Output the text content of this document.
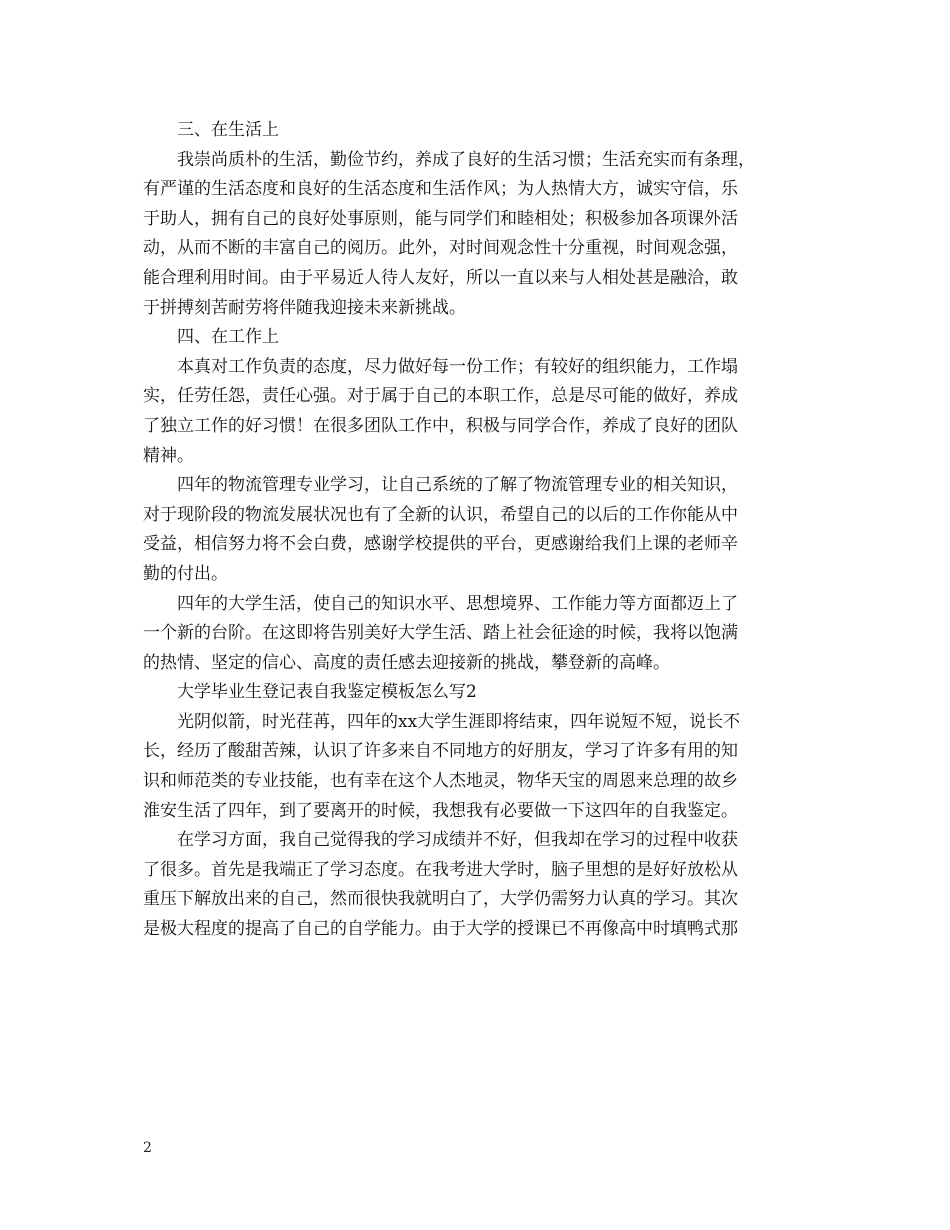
三、在生活上
我崇尚质朴的生活，勤俭节约，养成了良好的生活习惯；生活充实而有条理，
有严谨的生活态度和良好的生活态度和生活作风；为人热情大方，诚实守信，乐
于助人，拥有自己的良好处事原则，能与同学们和睦相处；积极参加各项课外活
动，从而不断的丰富自己的阅历。此外，对时间观念性十分重视，时间观念强，
能合理利用时间。由于平易近人待人友好，所以一直以来与人相处甚是融洽，敢
于拼搏刻苦耐劳将伴随我迎接未来新挑战。
四、在工作上
本真对工作负责的态度，尽力做好每一份工作；有较好的组织能力，工作塌
实，任劳任怨，责任心强。对于属于自己的本职工作，总是尽可能的做好，养成
了独立工作的好习惯！在很多团队工作中，积极与同学合作，养成了良好的团队
精神。
四年的物流管理专业学习，让自己系统的了解了物流管理专业的相关知识，
对于现阶段的物流发展状况也有了全新的认识，希望自己的以后的工作你能从中
受益，相信努力将不会白费，感谢学校提供的平台，更感谢给我们上课的老师辛
勤的付出。
四年的大学生活，使自己的知识水平、思想境界、工作能力等方面都迈上了
一个新的台阶。在这即将告别美好大学生活、踏上社会征途的时候，我将以饱满
的热情、坚定的信心、高度的责任感去迎接新的挑战，攀登新的高峰。
大学毕业生登记表自我鉴定模板怎么写2
光阴似箭，时光荏苒，四年的xx大学生涯即将结束，四年说短不短，说长不
长，经历了酸甜苦辣，认识了许多来自不同地方的好朋友，学习了许多有用的知
识和师范类的专业技能，也有幸在这个人杰地灵，物华天宝的周恩来总理的故乡
淮安生活了四年，到了要离开的时候，我想我有必要做一下这四年的自我鉴定。
在学习方面，我自己觉得我的学习成绩并不好，但我却在学习的过程中收获
了很多。首先是我端正了学习态度。在我考进大学时，脑子里想的是好好放松从
重压下解放出来的自己，然而很快我就明白了，大学仍需努力认真的学习。其次
是极大程度的提高了自己的自学能力。由于大学的授课已不再像高中时填鸭式那
2
